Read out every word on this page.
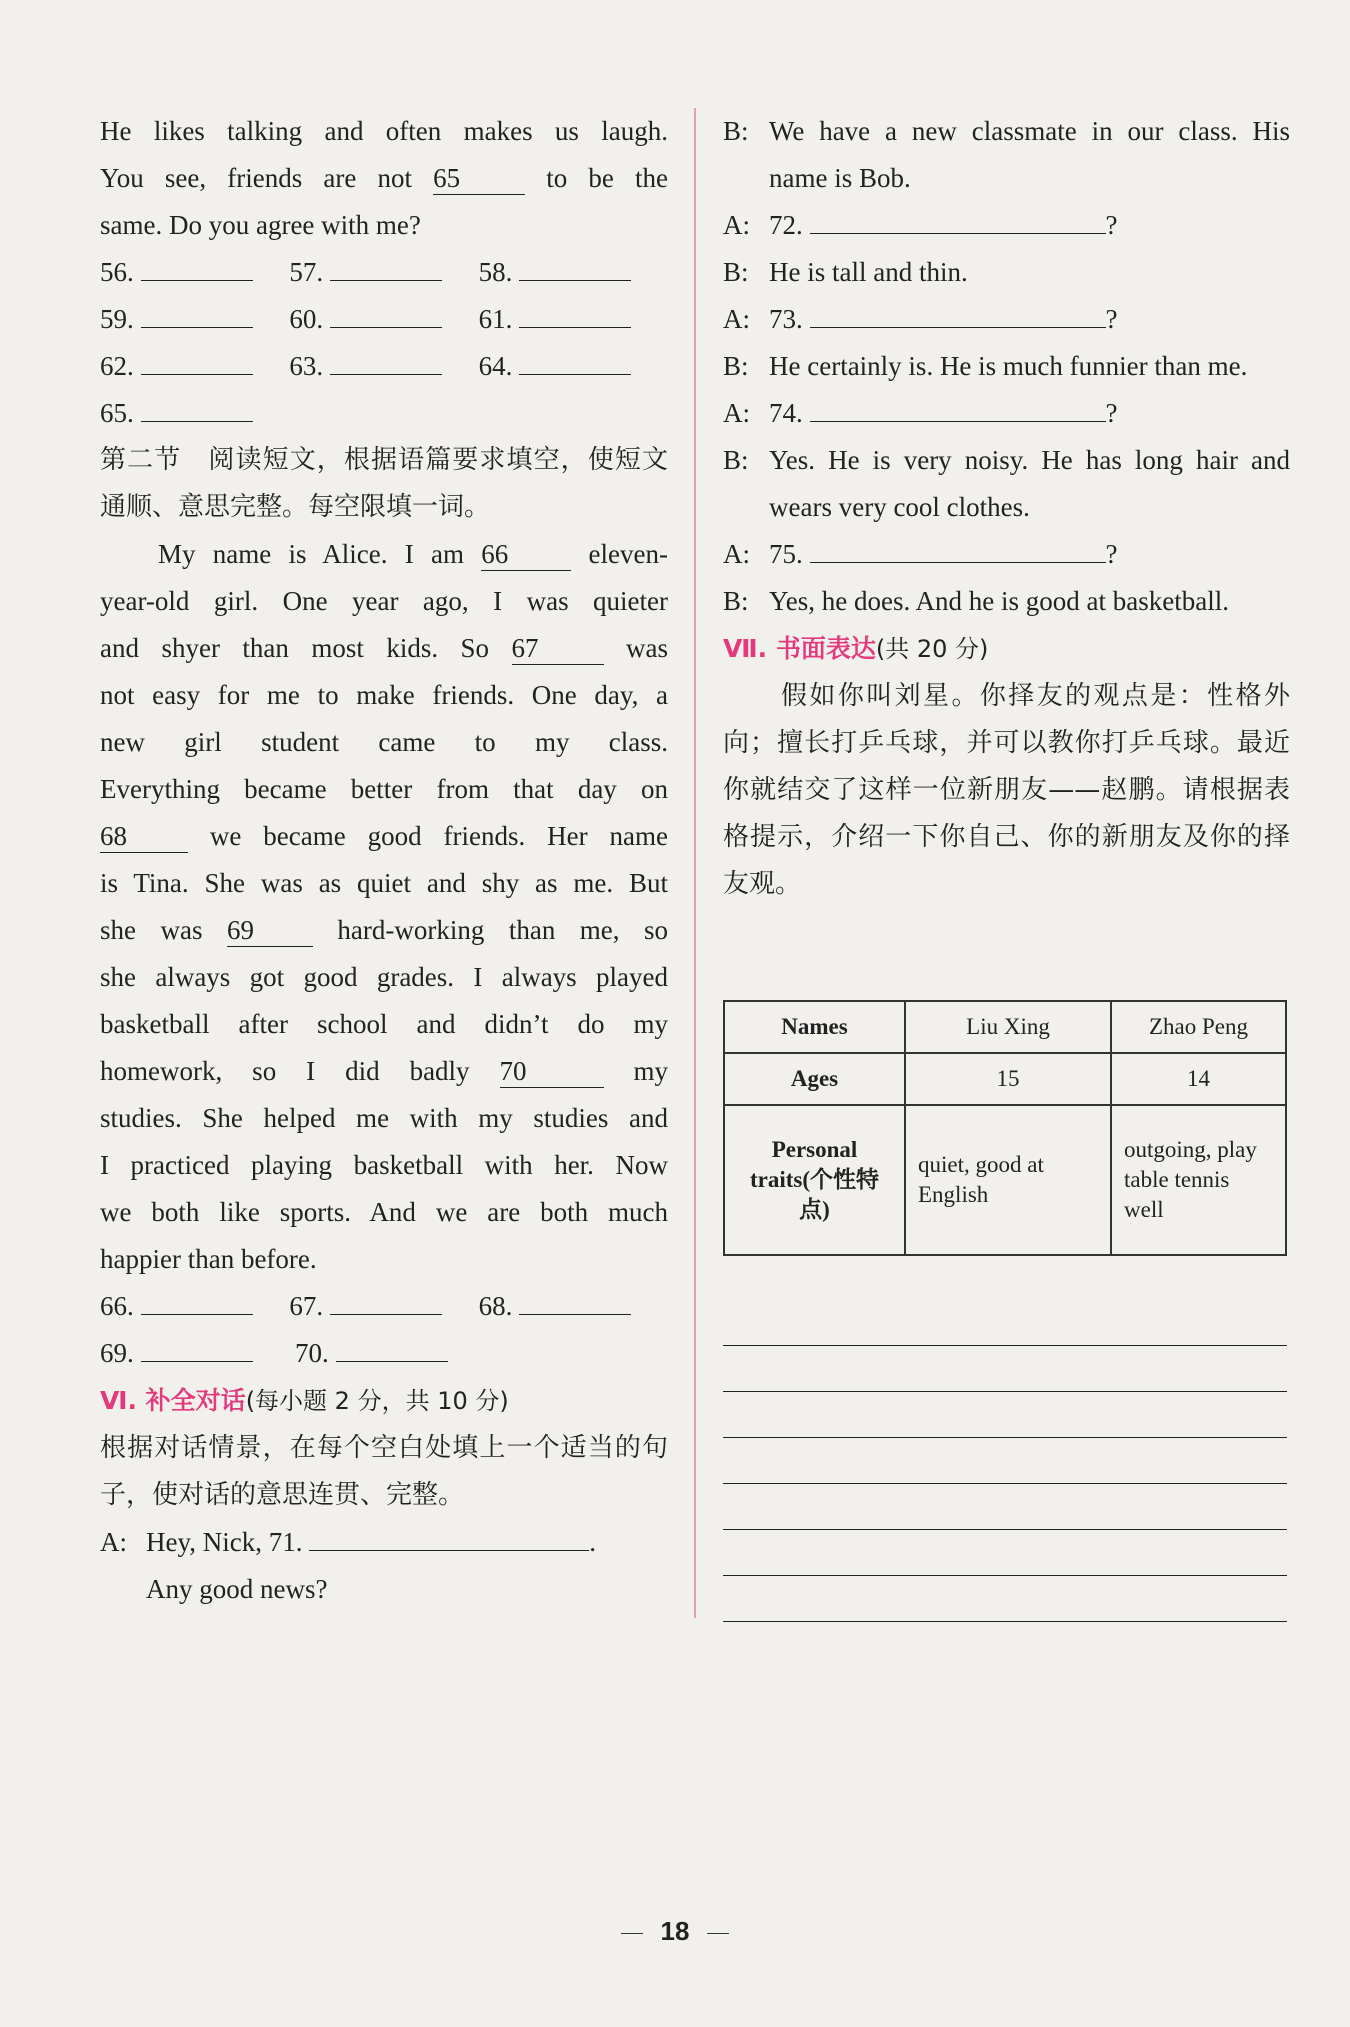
He likes talking and often makes us laugh.

You see, friends are not 65	to be the

same. Do you agree with me?

56.	57.	58.
59.	60.	61.
62.	63.	64.
65.

第二节　阅读短文，根据语篇要求填空，使短文通顺、意思完整。每空限填一词。

My name is Alice. I am 66	eleven-

year-old girl. One year ago, I was quieter

and shyer than most kids. So 67	was

not easy for me to make friends. One day, a

new girl student came to my class.

Everything became better from that day on

68	we became good friends. Her name

is Tina. She was as quiet and shy as me. But

she was 69	hard-working than me, so

she always got good grades. I always played

basketball after school and didn’t do my

homework, so I did badly 70	my

studies. She helped me with my studies and

I practiced playing basketball with her. Now

we both like sports. And we are both much

happier than before.

66.	67.	68.
69.	70.

Ⅵ. 补全对话(每小题 2 分，共 10 分)

根据对话情景，在每个空白处填上一个适当的句子，使对话的意思连贯、完整。

A: Hey, Nick, 71.	.
Any good news?
B: We have a new classmate in our class. His name is Bob.
A: 72.	?
B: He is tall and thin.
A: 73.	?
B: He certainly is. He is much funnier than me.
A: 74.	?
B: Yes. He is very noisy. He has long hair and wears very cool clothes.
A: 75.	?
B: Yes, he does. And he is good at basketball.

Ⅶ. 书面表达(共 20 分)

假如你叫刘星。你择友的观点是：性格外向；擅长打乒乓球，并可以教你打乒乓球。最近你就结交了这样一位新朋友——赵鹏。请根据表格提示，介绍一下你自己、你的新朋友及你的择友观。

Names	Liu Xing	Zhao Peng
Ages	15	14
Personal
traits(个性特点)	quiet, good at English	outgoing, play table tennis well
18
